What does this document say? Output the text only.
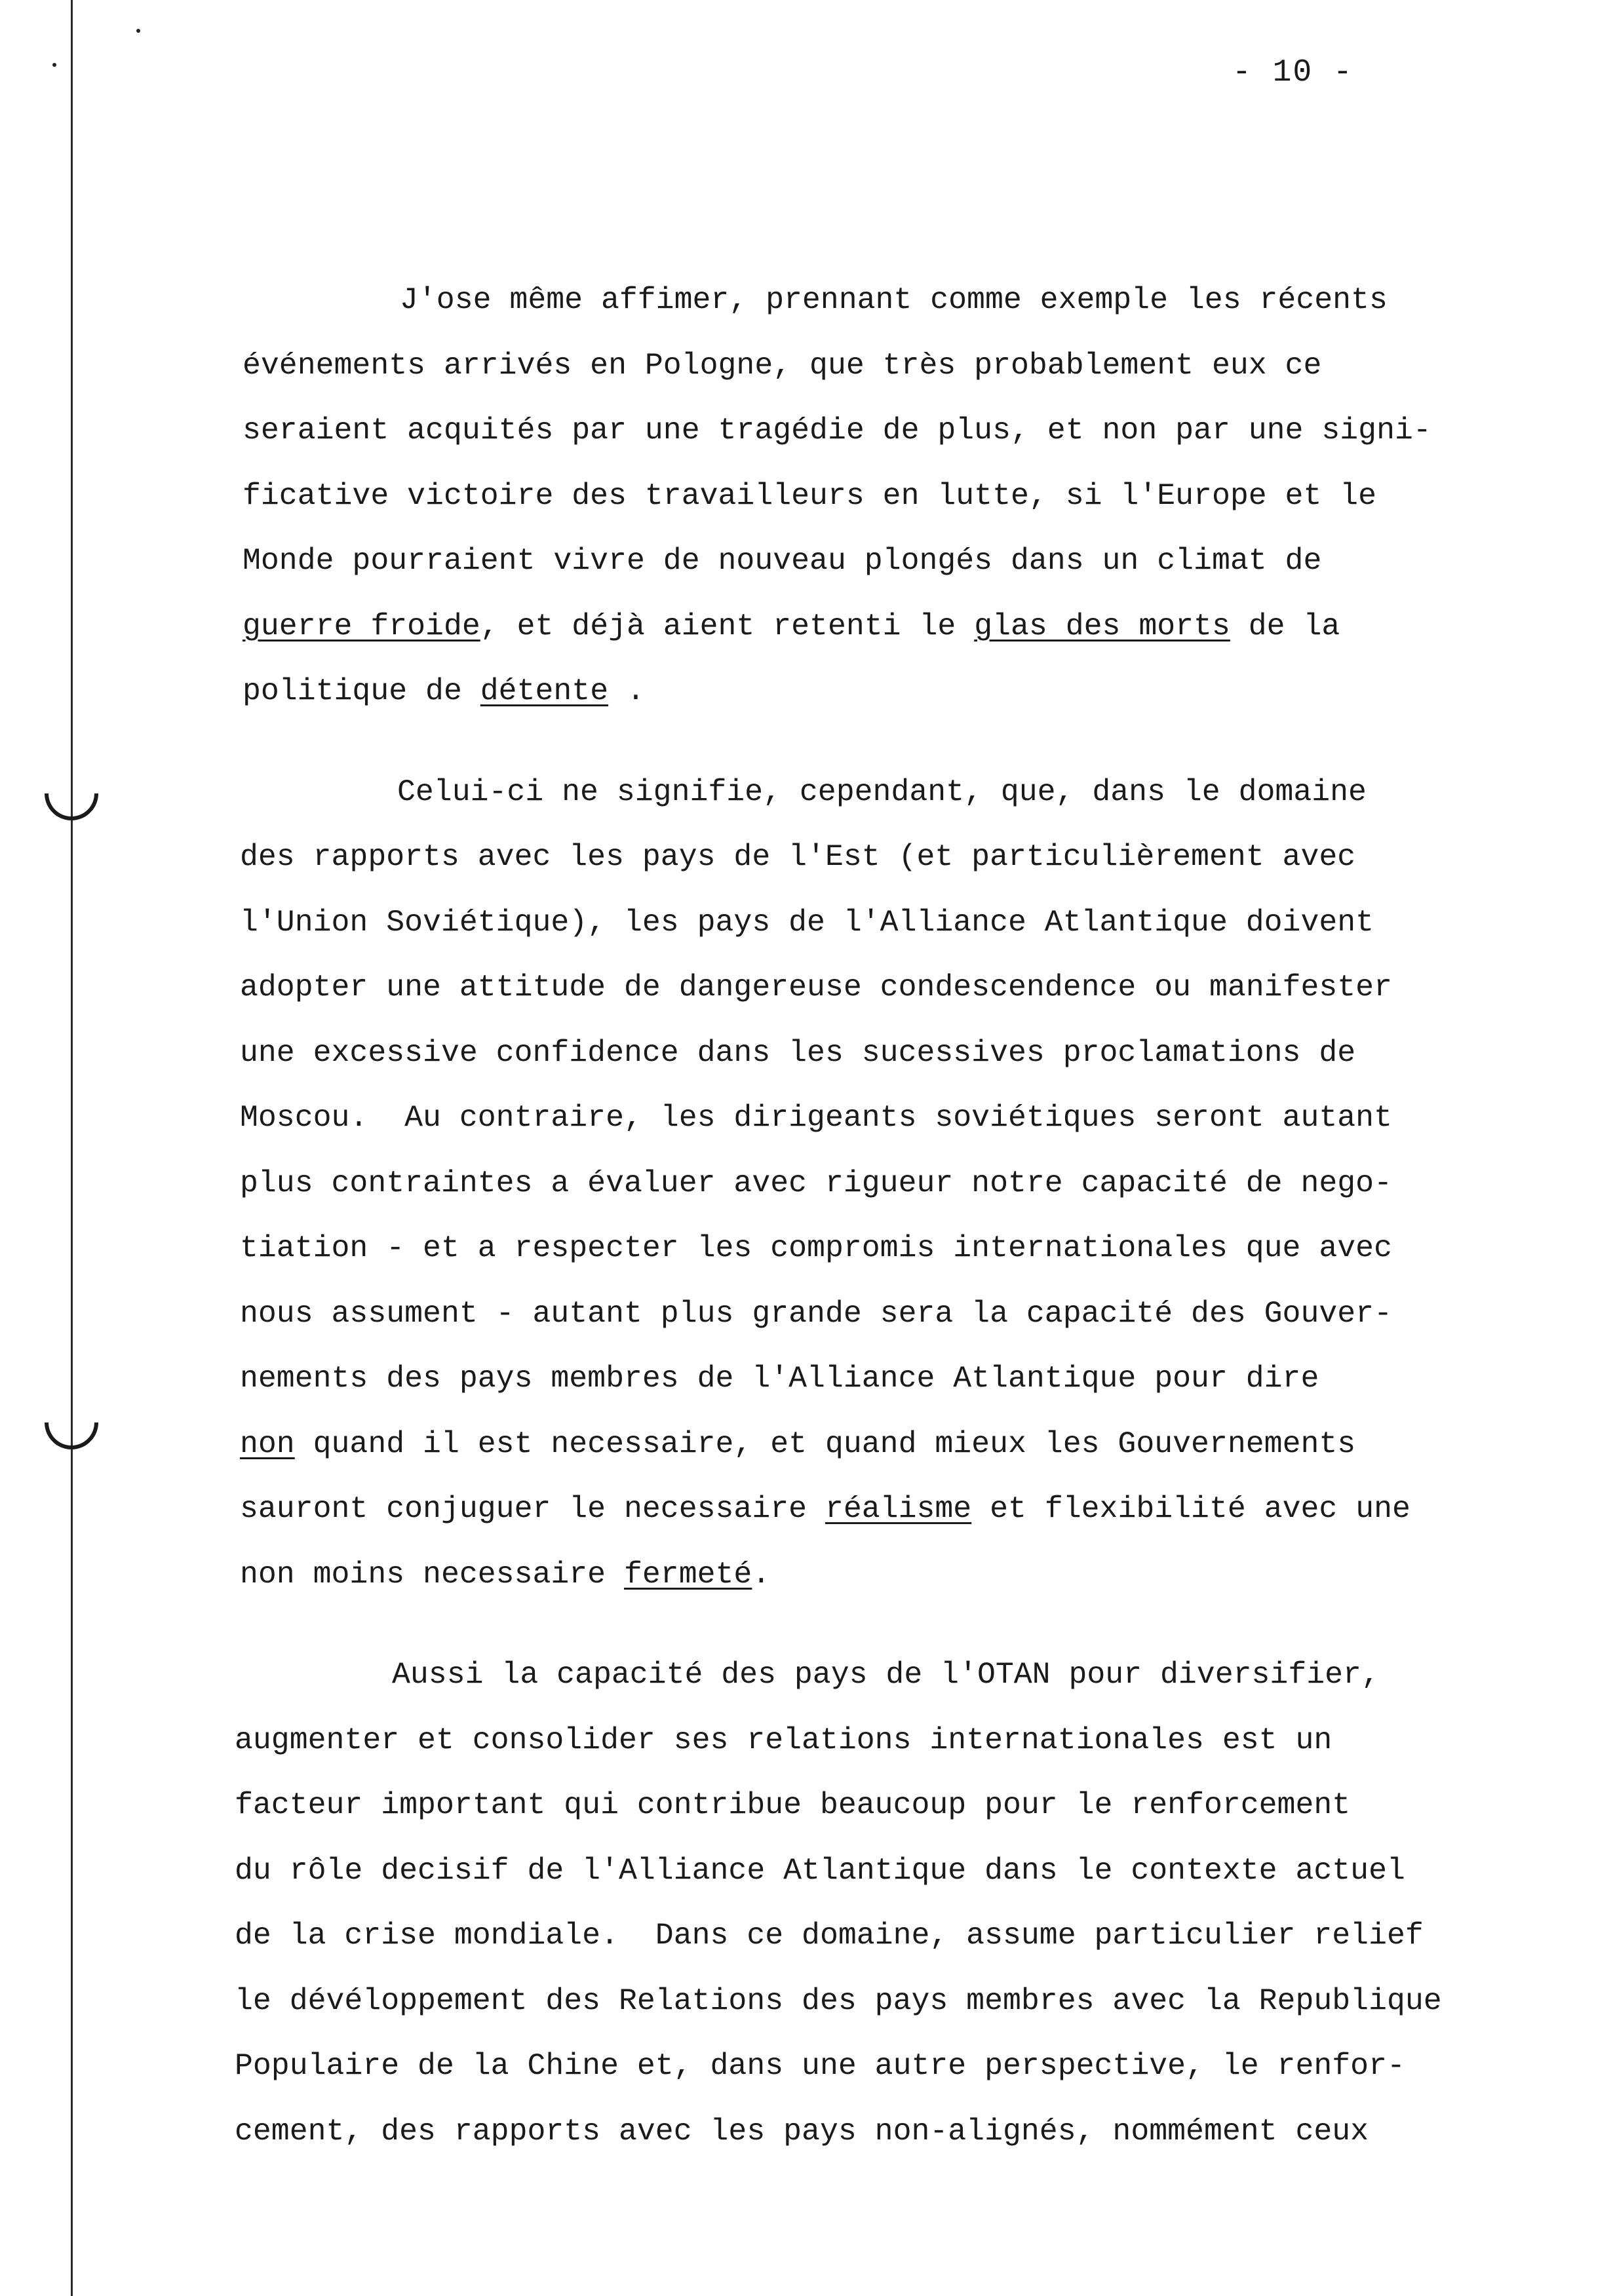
- 10 -
J'ose même affimer, prennant comme exemple les récents
événements arrivés en Pologne, que très probablement eux ce
seraient acquités par une tragédie de plus, et non par une signi-
ficative victoire des travailleurs en lutte, si l'Europe et le
Monde pourraient vivre de nouveau plongés dans un climat de
guerre froide, et déjà aient retenti le glas des morts de la
politique de détente .
Celui-ci ne signifie, cependant, que, dans le domaine
des rapports avec les pays de l'Est (et particulièrement avec
l'Union Soviétique), les pays de l'Alliance Atlantique doivent
adopter une attitude de dangereuse condescendence ou manifester
une excessive confidence dans les sucessives proclamations de
Moscou.  Au contraire, les dirigeants soviétiques seront autant
plus contraintes a évaluer avec rigueur notre capacité de nego-
tiation - et a respecter les compromis internationales que avec
nous assument - autant plus grande sera la capacité des Gouver-
nements des pays membres de l'Alliance Atlantique pour dire
non quand il est necessaire, et quand mieux les Gouvernements
sauront conjuguer le necessaire réalisme et flexibilité avec une
non moins necessaire fermeté.
Aussi la capacité des pays de l'OTAN pour diversifier,
augmenter et consolider ses relations internationales est un
facteur important qui contribue beaucoup pour le renforcement
du rôle decisif de l'Alliance Atlantique dans le contexte actuel
de la crise mondiale.  Dans ce domaine, assume particulier relief
le dévéloppement des Relations des pays membres avec la Republique
Populaire de la Chine et, dans une autre perspective, le renfor-
cement, des rapports avec les pays non-alignés, nommément ceux
